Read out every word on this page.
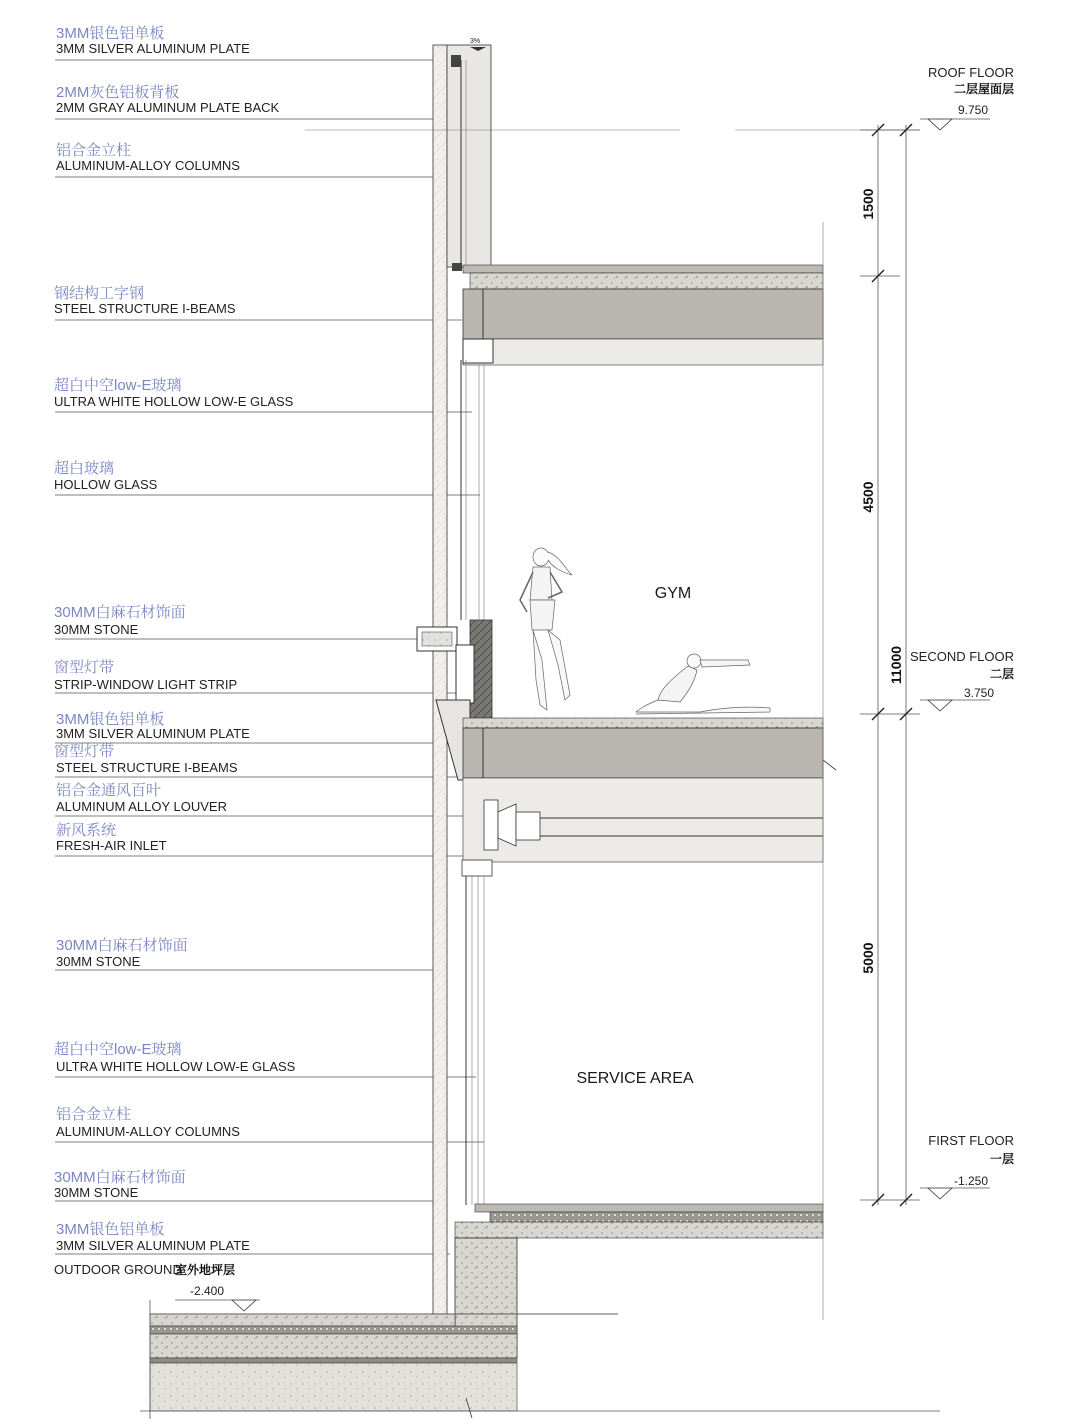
3MM银色铝单板
3MM SILVER ALUMINUM PLATE
2MM灰色铝板背板
2MM GRAY ALUMINUM PLATE BACK
铝合金立柱
ALUMINUM-ALLOY COLUMNS
钢结构工字钢
STEEL STRUCTURE I-BEAMS
超白中空low-E玻璃
ULTRA WHITE HOLLOW LOW-E GLASS
超白玻璃
HOLLOW GLASS
30MM白麻石材饰面
30MM STONE
窗型灯带
STRIP-WINDOW LIGHT STRIP
3MM银色铝单板
3MM SILVER ALUMINUM PLATE
窗型灯带
STEEL STRUCTURE I-BEAMS
铝合金通风百叶
ALUMINUM ALLOY LOUVER
新风系统
FRESH-AIR INLET
30MM白麻石材饰面
30MM STONE
超白中空low-E玻璃
ULTRA WHITE HOLLOW LOW-E GLASS
铝合金立柱
ALUMINUM-ALLOY COLUMNS
30MM白麻石材饰面
30MM STONE
3MM银色铝单板
3MM SILVER ALUMINUM PLATE
OUTDOOR GROUND
室外地坪层
-2.400
ROOF FLOOR
二层屋面层
9.750
SECOND FLOOR
二层
3.750
FIRST FLOOR
一层
-1.250
1500
4500
5000
11000
GYM
SERVICE AREA
3%
